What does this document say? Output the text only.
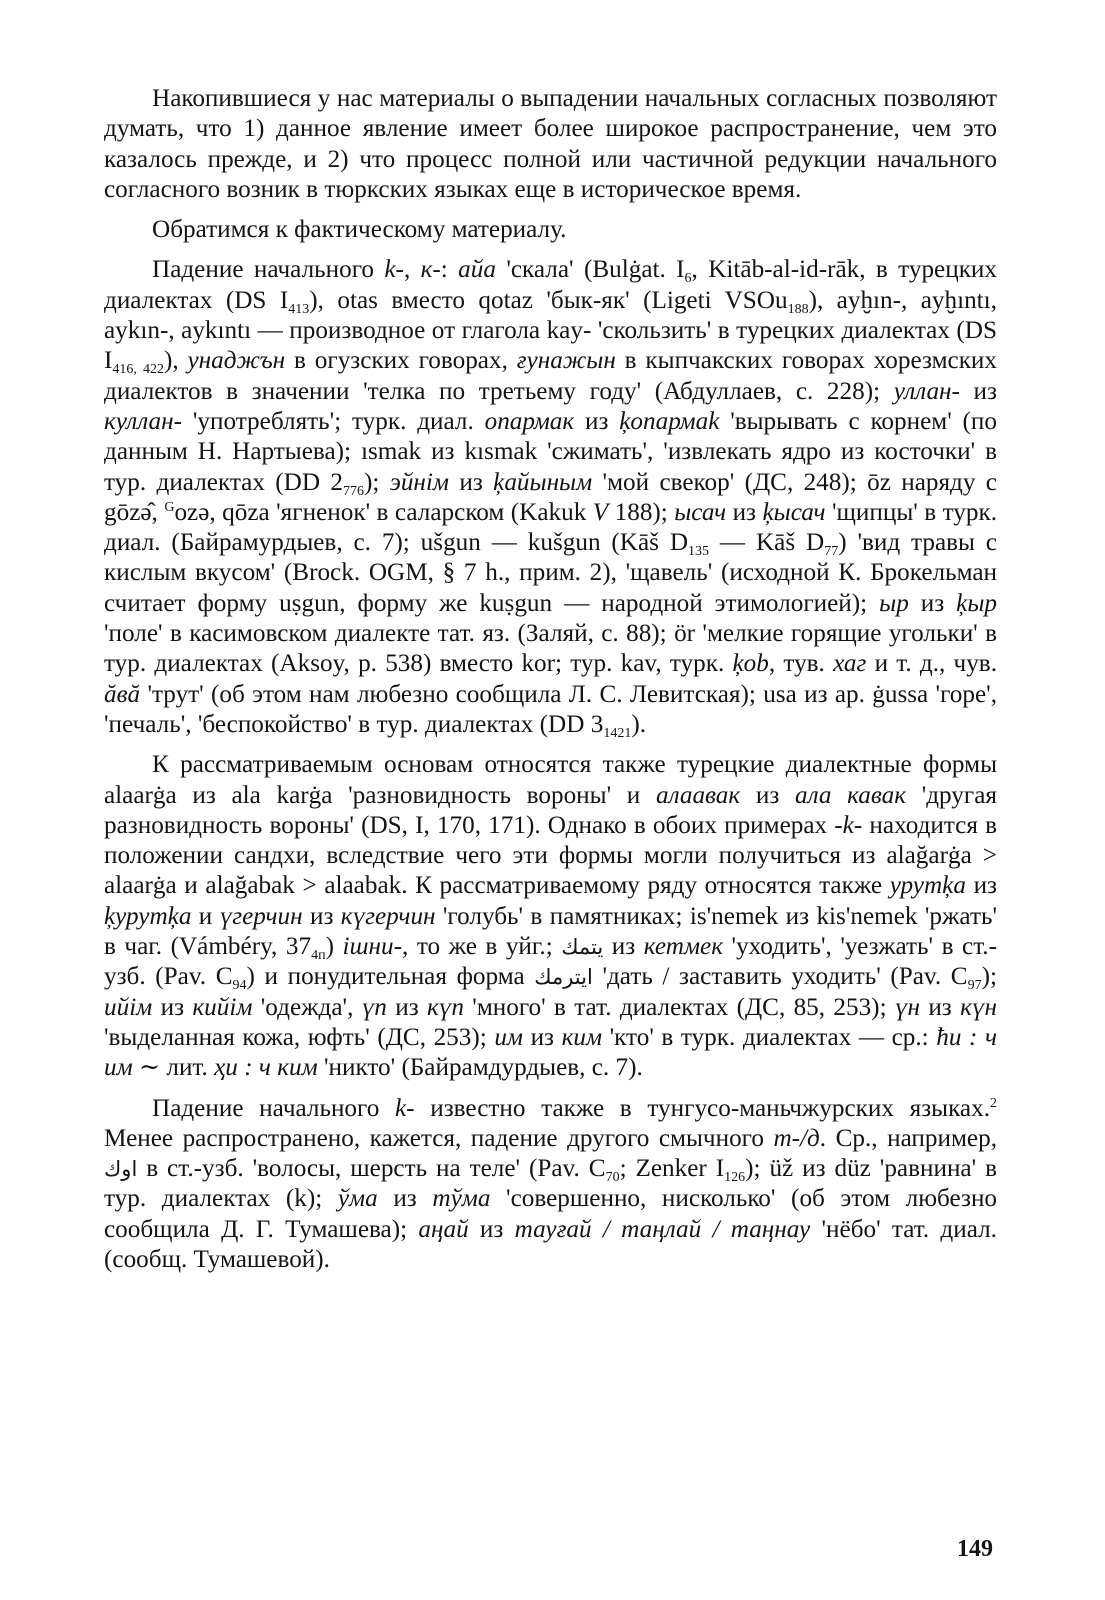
Накопившиеся у нас материалы о выпадении начальных согласных позволяют думать, что 1) данное явление имеет более широкое распространение, чем это казалось прежде, и 2) что процесс полной или частичной редукции начального согласного возник в тюркских языках еще в историческое время.

Обратимся к фактическому материалу.

Падение начального k-, к-: айа 'скала' (Bulġat. $I_6$, Kitāb-al-id-rāk, в турецких диалектах (DS $I_{413}$), otas вместо qotaz 'бык-як' (Ligeti VSOu$_{188}$), ayḫın-, ayḫıntı, aykın-, aykıntı — производное от глагола kay- 'скользить' в турецких диалектах (DS $I_{416, 422}$), унаджън в огузских говорах, ғунажын в кыпчакских говорах хорезмских диалектов в значении 'телка по третьему году' (Абдуллаев, с. 228); уллан- из куллан- 'употреблять'; турк. диал. опармак из ķопармаk 'вырывать с корнем' (по данным Н. Нартыева); ısmak из kısmak 'сжимать', 'извлекать ядро из косточки' в тур. диалектах (DD $2_{776}$); эйнім из ķайыным 'мой свекор' (ДС, 248); ōz наряду с gōzə̂, $^G$ozə, qōza 'ягненок' в саларском (Kakuk V 188); ысач из ķысач 'щипцы' в турк. диал. (Байрамурдыев, с. 7); ušgun — kušgun (Kāš $D_{135}$ — Kāš $D_{77}$) 'вид травы с кислым вкусом' (Brock. OGM, § 7 h., прим. 2), 'щавель' (исходной К. Брокельман считает форму uṣgun, форму же kuṣgun — народной этимологией); ыр из ķыр 'поле' в касимовском диалекте тат. яз. (Заляй, с. 88); ör 'мелкие горящие угольки' в тур. диалектах (Aksoy, p. 538) вместо kor; тур. kav, турк. ķob, тув. хаг и т. д., чув. ăвă 'трут' (об этом нам любезно сообщила Л. С. Левитская); usa из ар. ġussa 'горе', 'печаль', 'беспокойство' в тур. диалектах (DD $3_{1421}$).

К рассматриваемым основам относятся также турецкие диалектные формы alaarġa из ala karġa 'разновидность вороны' и алаавак из ала кавак 'другая разновидность вороны' (DS, I, 170, 171). Однако в обоих примерах -k- находится в положении сандхи, вследствие чего эти формы могли получиться из alağarġa > alaarġa и alağabak > alaabak. К рассматриваемому ряду относятся также урутķа из ķурутķа и үгерчин из күгерчин 'голубь' в памятниках; is'nemek из kis'nemek 'ржать' в чаг. (Vámbéry, $37_{4п}$) ішни-, то же в уйг.; يتمك из кетмек 'уходить', 'уезжать' в ст.-узб. (Pav. $C_{94}$) и понудительная форма ايترمك 'дать / заставить уходить' (Pav. $C_{97}$); ийім из кийім 'одежда', үп из күп 'много' в тат. диалектах (ДС, 85, 253); үн из күн 'выделанная кожа, юфть' (ДС, 253); им из ким 'кто' в турк. диалектах — ср.: ħи : ч им ∼ лит. ҳи : ч ким 'никто' (Байрамдурдыев, с. 7).

Падение начального k- известно также в тунгусо-маньчжурских языках.$^2$ Менее распространено, кажется, падение другого смычного т-/д. Ср., например, اوك в ст.-узб. 'волосы, шерсть на теле' (Pav. $C_{70}$; Zenker $I_{126}$); üž из düz 'равнина' в тур. диалектах (k); ўма из тўма 'совершенно, нисколько' (об этом любезно сообщила Д. Г. Тумашева); аңай из тауғай / таңлай / таңнау 'нёбо' тат. диал. (сообщ. Тумашевой).

149
